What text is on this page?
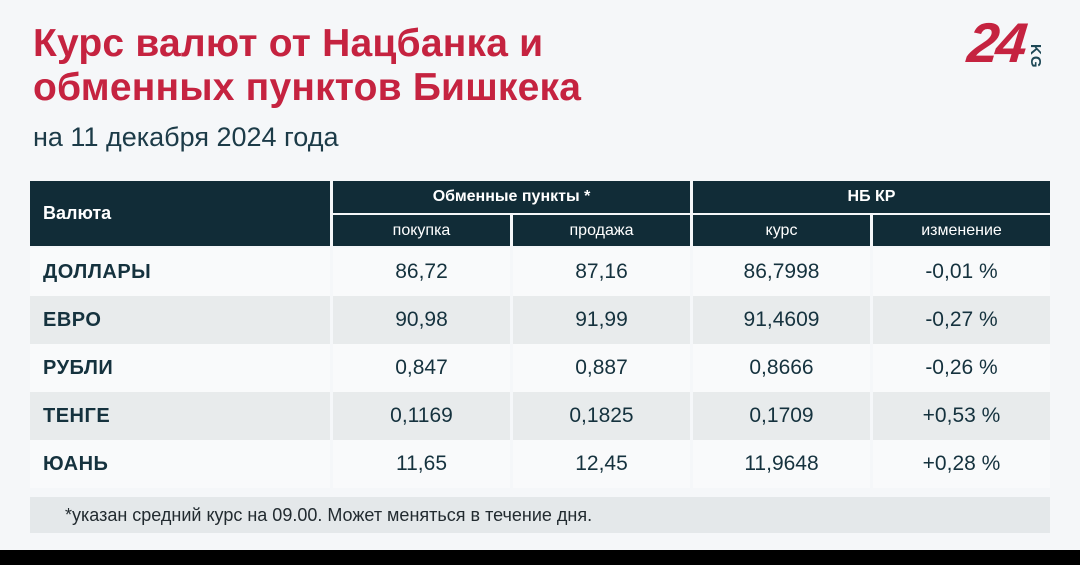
Курс валют от Нацбанка и
обменных пунктов Бишкека
на 11 декабря 2024 года
24 KG
Валюта
Обменные пункты *	НБ КР
покупка	продажа	курс	изменение
ДОЛЛАРЫ	86,72	87,16	86,7998	-0,01 %
ЕВРО	90,98	91,99	91,4609	-0,27 %
РУБЛИ	0,847	0,887	0,8666	-0,26 %
ТЕНГЕ	0,1169	0,1825	0,1709	+0,53 %
ЮАНЬ	11,65	12,45	11,9648	+0,28 %
*указан средний курс на 09.00. Может меняться в течение дня.
